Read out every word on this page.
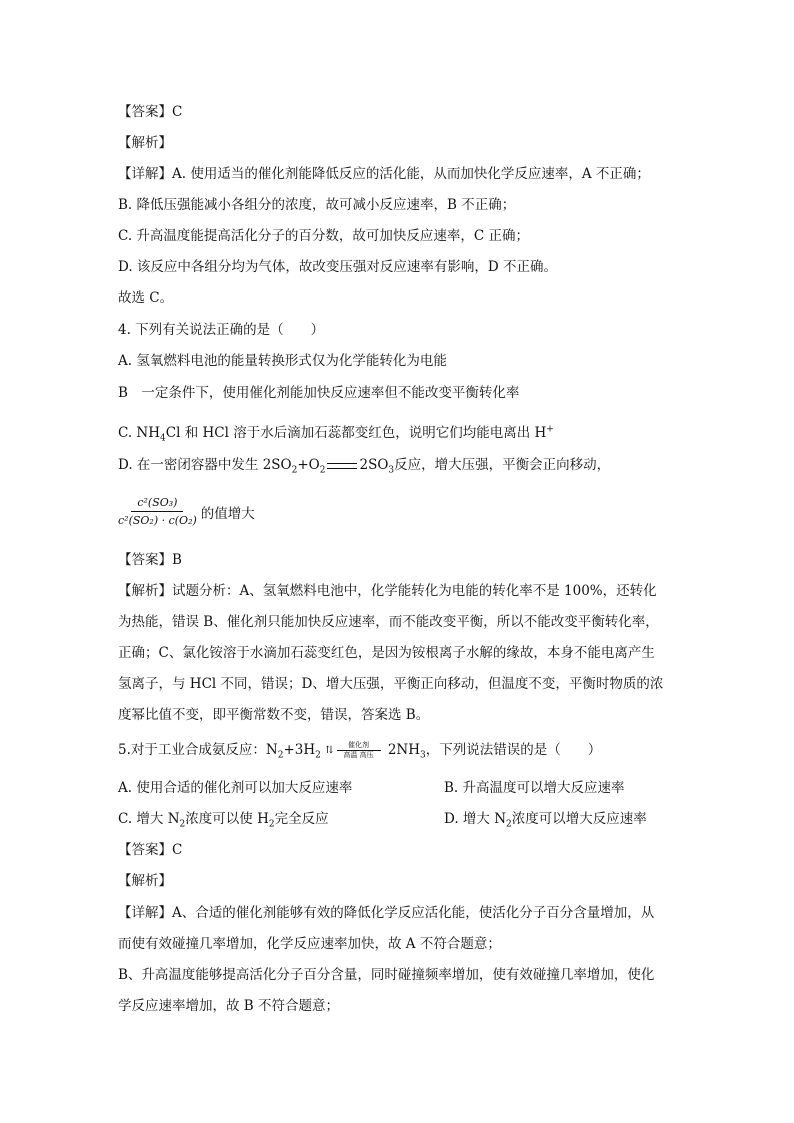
【答案】C
【解析】
【详解】A. 使用适当的催化剂能降低反应的活化能，从而加快化学反应速率，A 不正确；
B. 降低压强能减小各组分的浓度，故可减小反应速率，B 不正确；
C. 升高温度能提高活化分子的百分数，故可加快反应速率，C 正确；
D. 该反应中各组分均为气体，故改变压强对反应速率有影响，D 不正确。
故选 C。
4. 下列有关说法正确的是（　　）
A. 氢氧燃料电池的能量转换形式仅为化学能转化为电能
B　一定条件下，使用催化剂能加快反应速率但不能改变平衡转化率
C. $NH_4Cl$ 和 HCl 溶于水后滴加石蕊都变红色，说明它们均能电离出 H+
D. 在一密闭容器中发生 $2SO_2+O_2$	$2SO_3$反应，增大压强，平衡会正向移动，
$\frac{\text{c²(SO₃)}}{\text{c²(SO₂) · c(O₂)}}$ 的值增大
【答案】B
【解析】试题分析：A、氢氧燃料电池中，化学能转化为电能的转化率不是 100%，还转化
为热能，错误 B、催化剂只能加快反应速率，而不能改变平衡，所以不能改变平衡转化率，
正确；C、氯化铵溶于水滴加石蕊变红色，是因为铵根离子水解的缘故，本身不能电离产生
氢离子，与 HCl 不同，错误；D、增大压强，平衡正向移动，但温度不变，平衡时物质的浓
度幂比值不变，即平衡常数不变，错误，答案选 B。
5.对于工业合成氨反应：$N_2+3H_2$ ⇅ 催化剂
高温 高压 $2NH_3$，下列说法错误的是（　　）
A. 使用合适的催化剂可以加大反应速率	B. 升高温度可以增大反应速率
C. 增大 $N_2$浓度可以使 $H_2$完全反应	D. 增大 $N_2$浓度可以增大反应速率
【答案】C
【解析】
【详解】A、合适的催化剂能够有效的降低化学反应活化能，使活化分子百分含量增加，从
而使有效碰撞几率增加，化学反应速率加快，故 A 不符合题意；
B、升高温度能够提高活化分子百分含量，同时碰撞频率增加，使有效碰撞几率增加，使化
学反应速率增加，故 B 不符合题意；
